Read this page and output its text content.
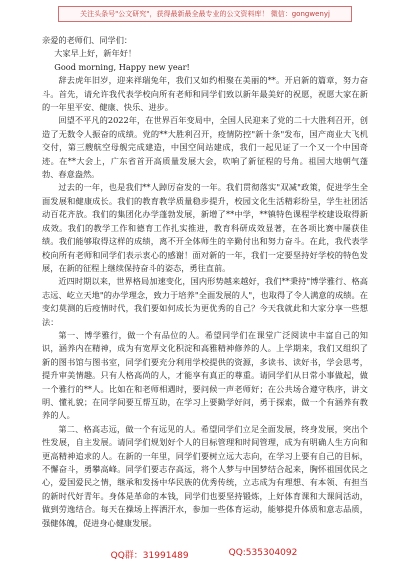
关注头条号"公文研究"，获得最新最全最专业的公文资料库！ 微信：gongwenyj

亲爱的老师们、同学们：

大家早上好，新年好！

Good morning, Happy new year!

辞去虎年旧岁，迎来祥瑞兔年，我们又如约相聚在美丽的**。开启新的篇章，努力奋斗。首先，请允许我代表学校向所有老师和同学们致以新年最美好的祝愿，祝愿大家在新的一年里平安、健康、快乐、进步。

回望不平凡的2022年，在世界百年变局中，全国人民迎来了党的二十大胜利召开，创造了无数令人振奋的成绩。党的**大胜利召开，疫情防控"新十条"发布，国产商业大飞机交付，第三艘航空母舰完成建造，中国空间站建成，我们一起见证了一个又一个中国奇迹。在**大会上，广东省首开高质量发展大会，吹响了新征程的号角。祖国大地朝气蓬勃、春意盎然。

过去的一年，也是我们**人踔厉奋发的一年。我们贯彻落实"双减"政策，促进学生全面发展和健康成长。我们的教育教学质量稳步提升，校园文化生活精彩纷呈，学生社团活动百花齐放。我们的集团化办学蓬勃发展，新增了**中学，**镇特色课程学校建设取得新成效。我们的教学工作和德育工作扎实推进，教育科研成效显著，在各项比赛中屡获佳绩。我们能够取得这样的成绩，离不开全体师生的辛勤付出和努力奋斗。在此，我代表学校向所有老师和同学们表示衷心的感谢！面对新的一年，我们一定要坚持好学校的特色发展，在新的征程上继续保持奋斗的姿态，勇往直前。

近四时期以来，世界格局加速变化，国内形势越来越好，我们**秉持"博学雅行、格高志远、屹立天地"的办学理念，致力于培养"全面发展的人"，也取得了令人满意的成绩。在变幻莫测的后疫情时代，我们要如何成长为更优秀的自己？今天我就此和大家分享一些想法：

第一、博学雅行，做一个有品位的人。希望同学们在课堂广泛阅读中丰富自己的知识，涵养内在精神，成为有宽厚文化积淀和高雅精神修养的人。上学期来，我们又组织了新的图书馆与图书室，同学们要充分利用学校提供的资源，多读书、读好书，学会思考，提升审美情趣。只有人格高尚的人，才能享有真正的尊重。请同学们从日常小事做起，做一个雅行的**人。比如在和老师相遇时，要问候一声老师好；在公共场合遵守秩序，讲文明、懂礼貌；在同学间要互帮互助，在学习上要勤学好问，勇于探索，做一个有涵养有教养的人。

第二、格高志远，做一个有远见的人。希望同学们立足全面发展，终身发展，突出个性发展，自主发展。请同学们规划好个人的目标管理和时间管理，成为有明确人生方向和更高精神追求的人。在新的一年里，同学们要树立远大志向，在学习上要有自己的目标，不懈奋斗，勇攀高峰。同学们要志存高远，将个人梦与中国梦结合起来，胸怀祖国优民之心，爱国爱民之情，继承和发扬中华民族的优秀传统，立志成为有理想、有本领、有担当的新时代好青年。身体是革命的本钱，同学们也要坚持锻炼，上好体育课和大课间活动，做到劳逸结合。每天在操场上挥洒汗水，参加一些体育运动，能够提升体质和意志品质，强健体魄，促进身心健康发展。

QQ群：31991489	QQ:535304092
